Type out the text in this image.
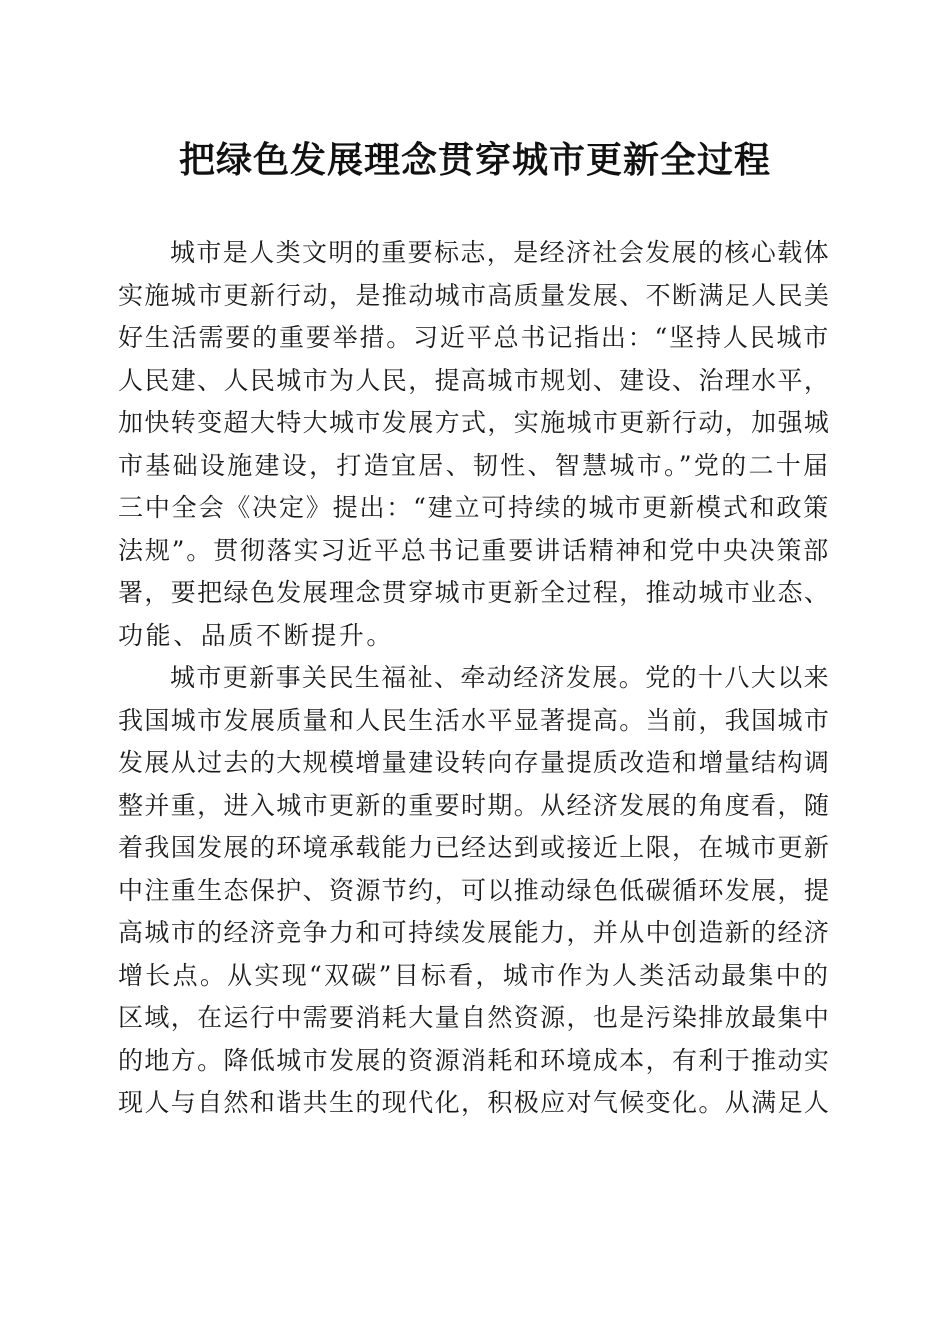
把绿色发展理念贯穿城市更新全过程
城市是人类文明的重要标志，是经济社会发展的核心载体
实施城市更新行动，是推动城市高质量发展、不断满足人民美
好生活需要的重要举措。习近平总书记指出：“坚持人民城市
人民建、人民城市为人民，提高城市规划、建设、治理水平，
加快转变超大特大城市发展方式，实施城市更新行动，加强城
市基础设施建设，打造宜居、韧性、智慧城市。”党的二十届
三中全会《决定》提出：“建立可持续的城市更新模式和政策
法规”。贯彻落实习近平总书记重要讲话精神和党中央决策部
署，要把绿色发展理念贯穿城市更新全过程，推动城市业态、
功能、品质不断提升。
城市更新事关民生福祉、牵动经济发展。党的十八大以来
我国城市发展质量和人民生活水平显著提高。当前，我国城市
发展从过去的大规模增量建设转向存量提质改造和增量结构调
整并重，进入城市更新的重要时期。从经济发展的角度看，随
着我国发展的环境承载能力已经达到或接近上限，在城市更新
中注重生态保护、资源节约，可以推动绿色低碳循环发展，提
高城市的经济竞争力和可持续发展能力，并从中创造新的经济
增长点。从实现“双碳”目标看，城市作为人类活动最集中的
区域，在运行中需要消耗大量自然资源，也是污染排放最集中
的地方。降低城市发展的资源消耗和环境成本，有利于推动实
现人与自然和谐共生的现代化，积极应对气候变化。从满足人
